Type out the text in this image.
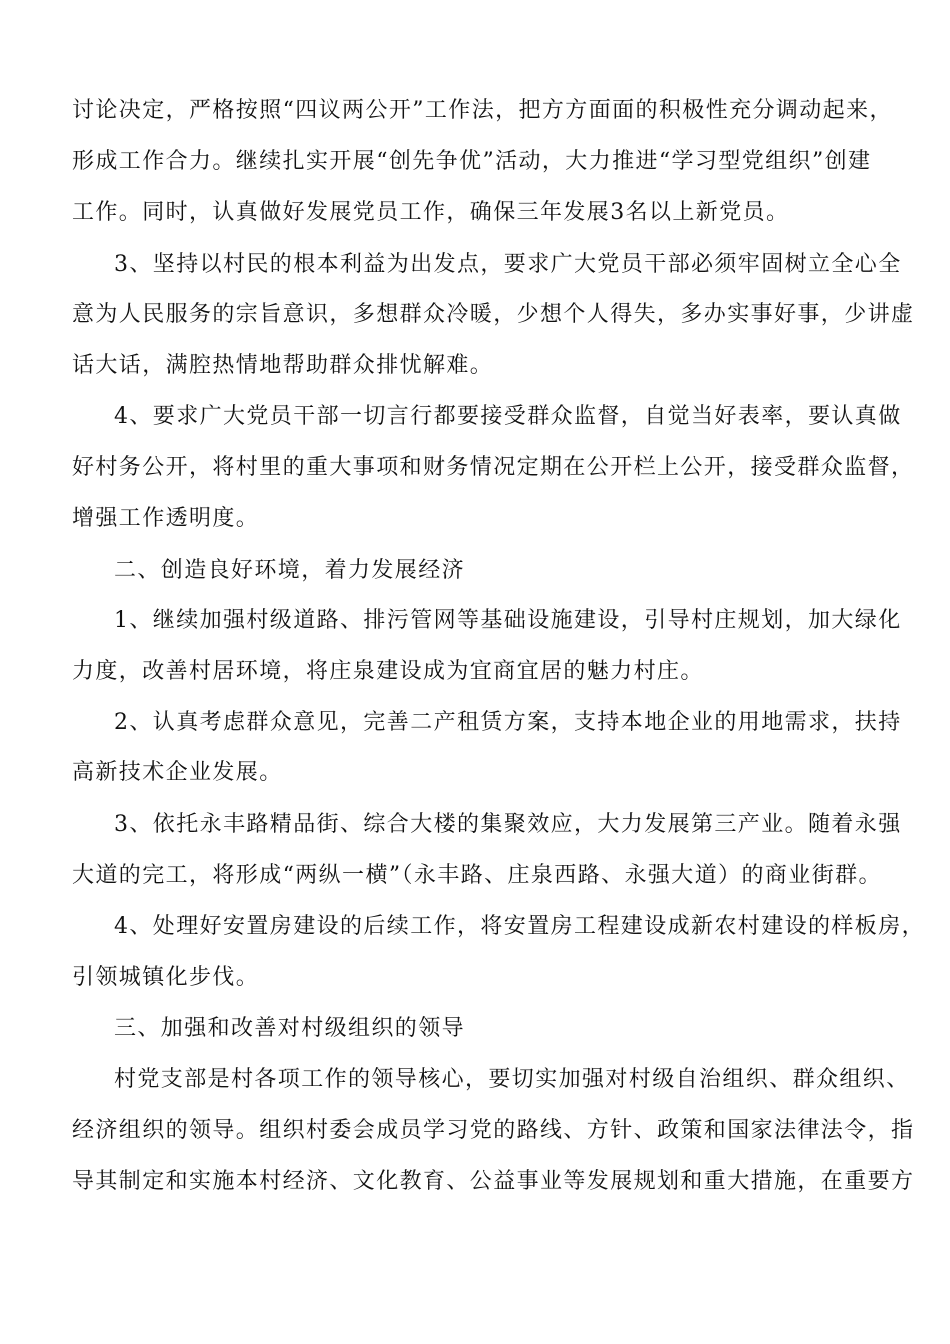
讨论决定，严格按照“四议两公开”工作法，把方方面面的积极性充分调动起来，
形成工作合力。继续扎实开展“创先争优”活动，大力推进“学习型党组织”创建
工作。同时，认真做好发展党员工作，确保三年发展3名以上新党员。
3、坚持以村民的根本利益为出发点，要求广大党员干部必须牢固树立全心全
意为人民服务的宗旨意识，多想群众冷暖，少想个人得失，多办实事好事，少讲虚
话大话，满腔热情地帮助群众排忧解难。
4、要求广大党员干部一切言行都要接受群众监督，自觉当好表率，要认真做
好村务公开，将村里的重大事项和财务情况定期在公开栏上公开，接受群众监督，
增强工作透明度。
二、创造良好环境，着力发展经济
1、继续加强村级道路、排污管网等基础设施建设，引导村庄规划，加大绿化
力度，改善村居环境，将庄泉建设成为宜商宜居的魅力村庄。
2、认真考虑群众意见，完善二产租赁方案，支持本地企业的用地需求，扶持
高新技术企业发展。
3、依托永丰路精品街、综合大楼的集聚效应，大力发展第三产业。随着永强
大道的完工，将形成“两纵一横”（永丰路、庄泉西路、永强大道）的商业街群。
4、处理好安置房建设的后续工作，将安置房工程建设成新农村建设的样板房，
引领城镇化步伐。
三、加强和改善对村级组织的领导
村党支部是村各项工作的领导核心，要切实加强对村级自治组织、群众组织、
经济组织的领导。组织村委会成员学习党的路线、方针、政策和国家法律法令，指
导其制定和实施本村经济、文化教育、公益事业等发展规划和重大措施，在重要方
